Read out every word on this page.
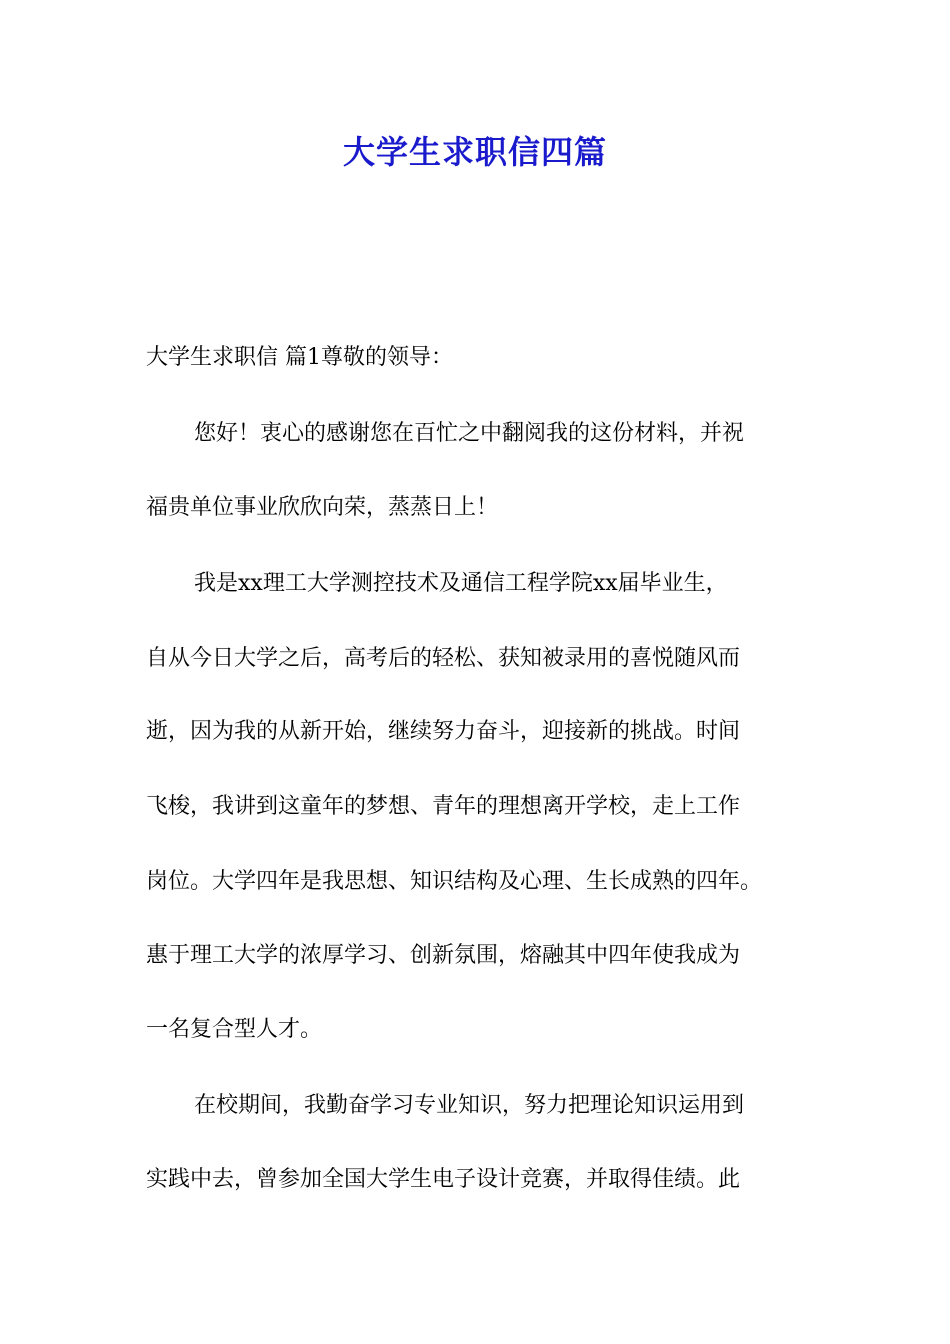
大学生求职信四篇
大学生求职信 篇1尊敬的领导：
您好！衷心的感谢您在百忙之中翻阅我的这份材料，并祝
福贵单位事业欣欣向荣，蒸蒸日上！
我是xx理工大学测控技术及通信工程学院xx届毕业生，
自从今日大学之后，高考后的轻松、获知被录用的喜悦随风而
逝，因为我的从新开始，继续努力奋斗，迎接新的挑战。时间
飞梭，我讲到这童年的梦想、青年的理想离开学校，走上工作
岗位。大学四年是我思想、知识结构及心理、生长成熟的四年。
惠于理工大学的浓厚学习、创新氛围，熔融其中四年使我成为
一名复合型人才。
在校期间，我勤奋学习专业知识，努力把理论知识运用到
实践中去，曾参加全国大学生电子设计竞赛，并取得佳绩。此
